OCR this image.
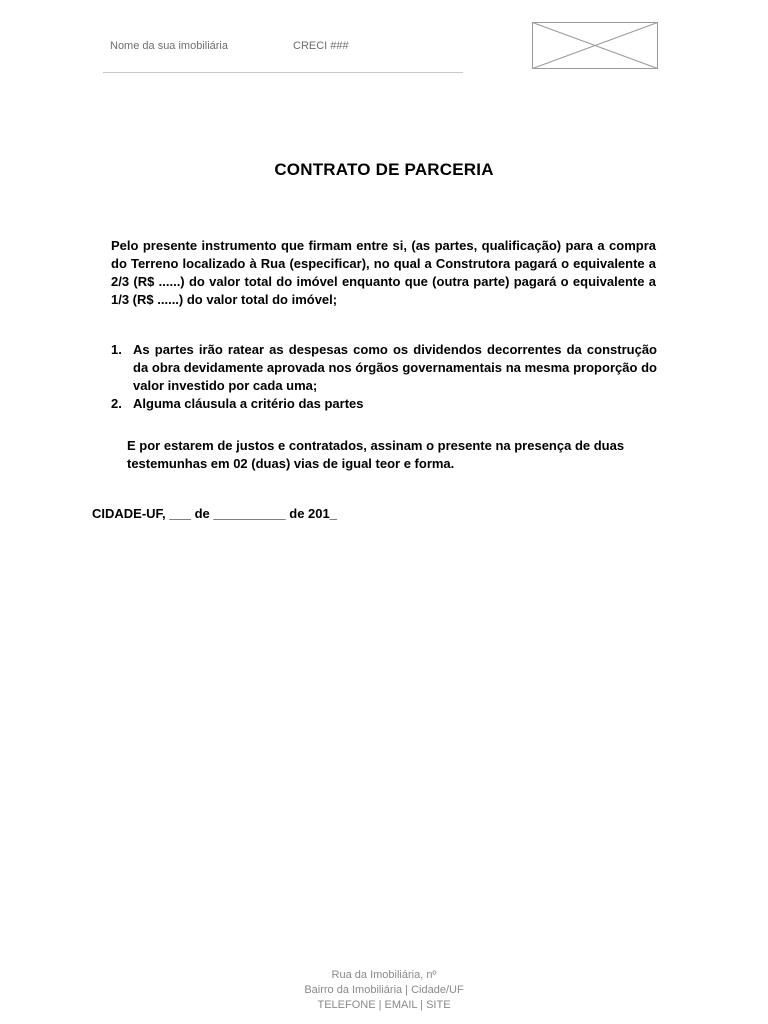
Nome da sua imobiliária	CRECI ###
CONTRATO DE PARCERIA

Pelo presente instrumento que firmam entre si, (as partes, qualificação) para a compra do Terreno localizado à Rua (especificar), no qual a Construtora pagará o equivalente a 2/3 (R$ ......) do valor total do imóvel enquanto que (outra parte) pagará o equivalente a 1/3 (R$ ......) do valor total do imóvel;

1. As partes irão ratear as despesas como os dividendos decorrentes da construção da obra devidamente aprovada nos órgãos governamentais na mesma proporção do valor investido por cada uma;
2. Alguma cláusula a critério das partes

E por estarem de justos e contratados, assinam o presente na presença de duas testemunhas em 02 (duas) vias de igual teor e forma.

CIDADE-UF, ___ de __________ de 201_
Rua da Imobiliária, nº
Bairro da Imobiliária | Cidade/UF
TELEFONE | EMAIL | SITE
